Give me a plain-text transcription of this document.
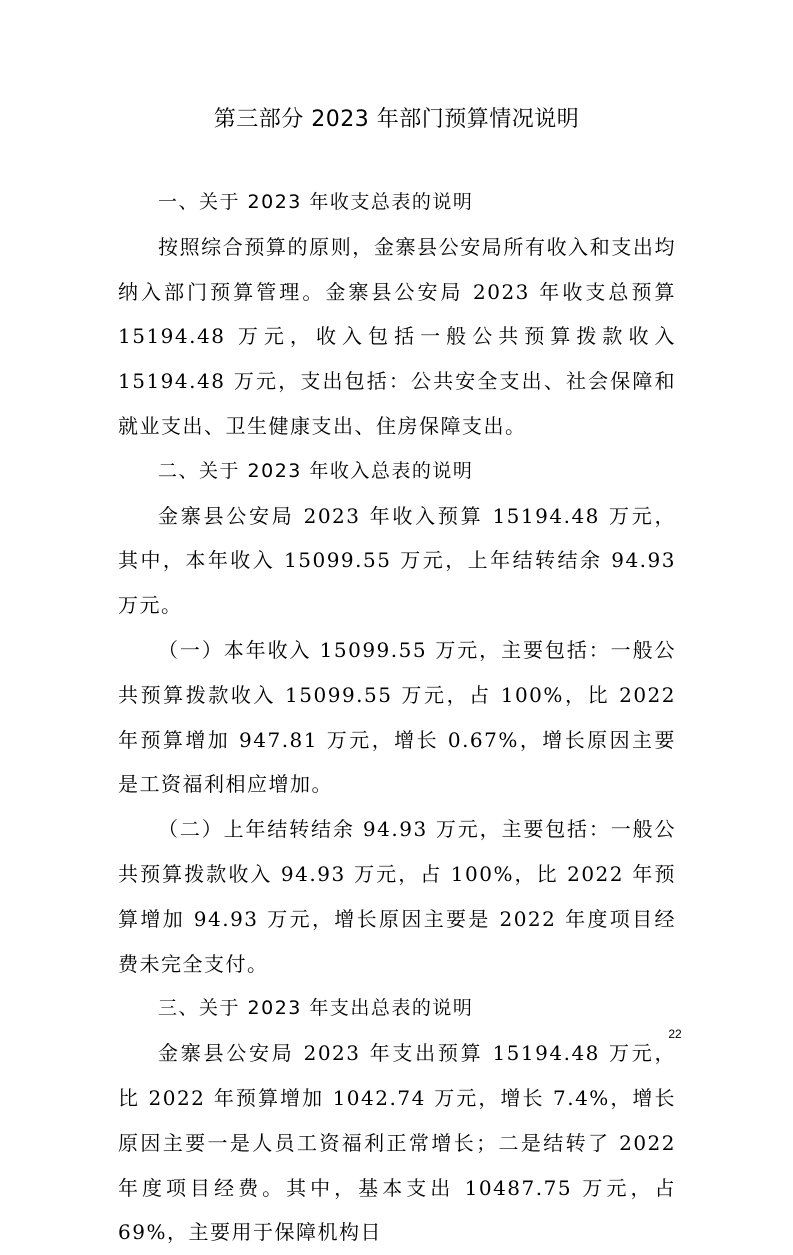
第三部分 2023 年部门预算情况说明

一、关于 2023 年收支总表的说明

按照综合预算的原则，金寨县公安局所有收入和支出均纳入部门预算管理。金寨县公安局 2023 年收支总预算 15194.48 万元，收入包括一般公共预算拨款收入 15194.48 万元，支出包括：公共安全支出、社会保障和就业支出、卫生健康支出、住房保障支出。

二、关于 2023 年收入总表的说明

金寨县公安局 2023 年收入预算 15194.48 万元，其中，本年收入 15099.55 万元，上年结转结余 94.93 万元。

（一）本年收入 15099.55 万元，主要包括：一般公共预算拨款收入 15099.55 万元，占 100%，比 2022 年预算增加 947.81 万元，增长 0.67%，增长原因主要是工资福利相应增加。

（二）上年结转结余 94.93 万元，主要包括：一般公共预算拨款收入 94.93 万元，占 100%，比 2022 年预算增加 94.93 万元，增长原因主要是 2022 年度项目经费未完全支付。

三、关于 2023 年支出总表的说明

金寨县公安局 2023 年支出预算 15194.48 万元，比 2022 年预算增加 1042.74 万元，增长 7.4%，增长原因主要一是人员工资福利正常增长；二是结转了 2022 年度项目经费。其中，基本支出 10487.75 万元，占 69%，主要用于保障机构日

22
